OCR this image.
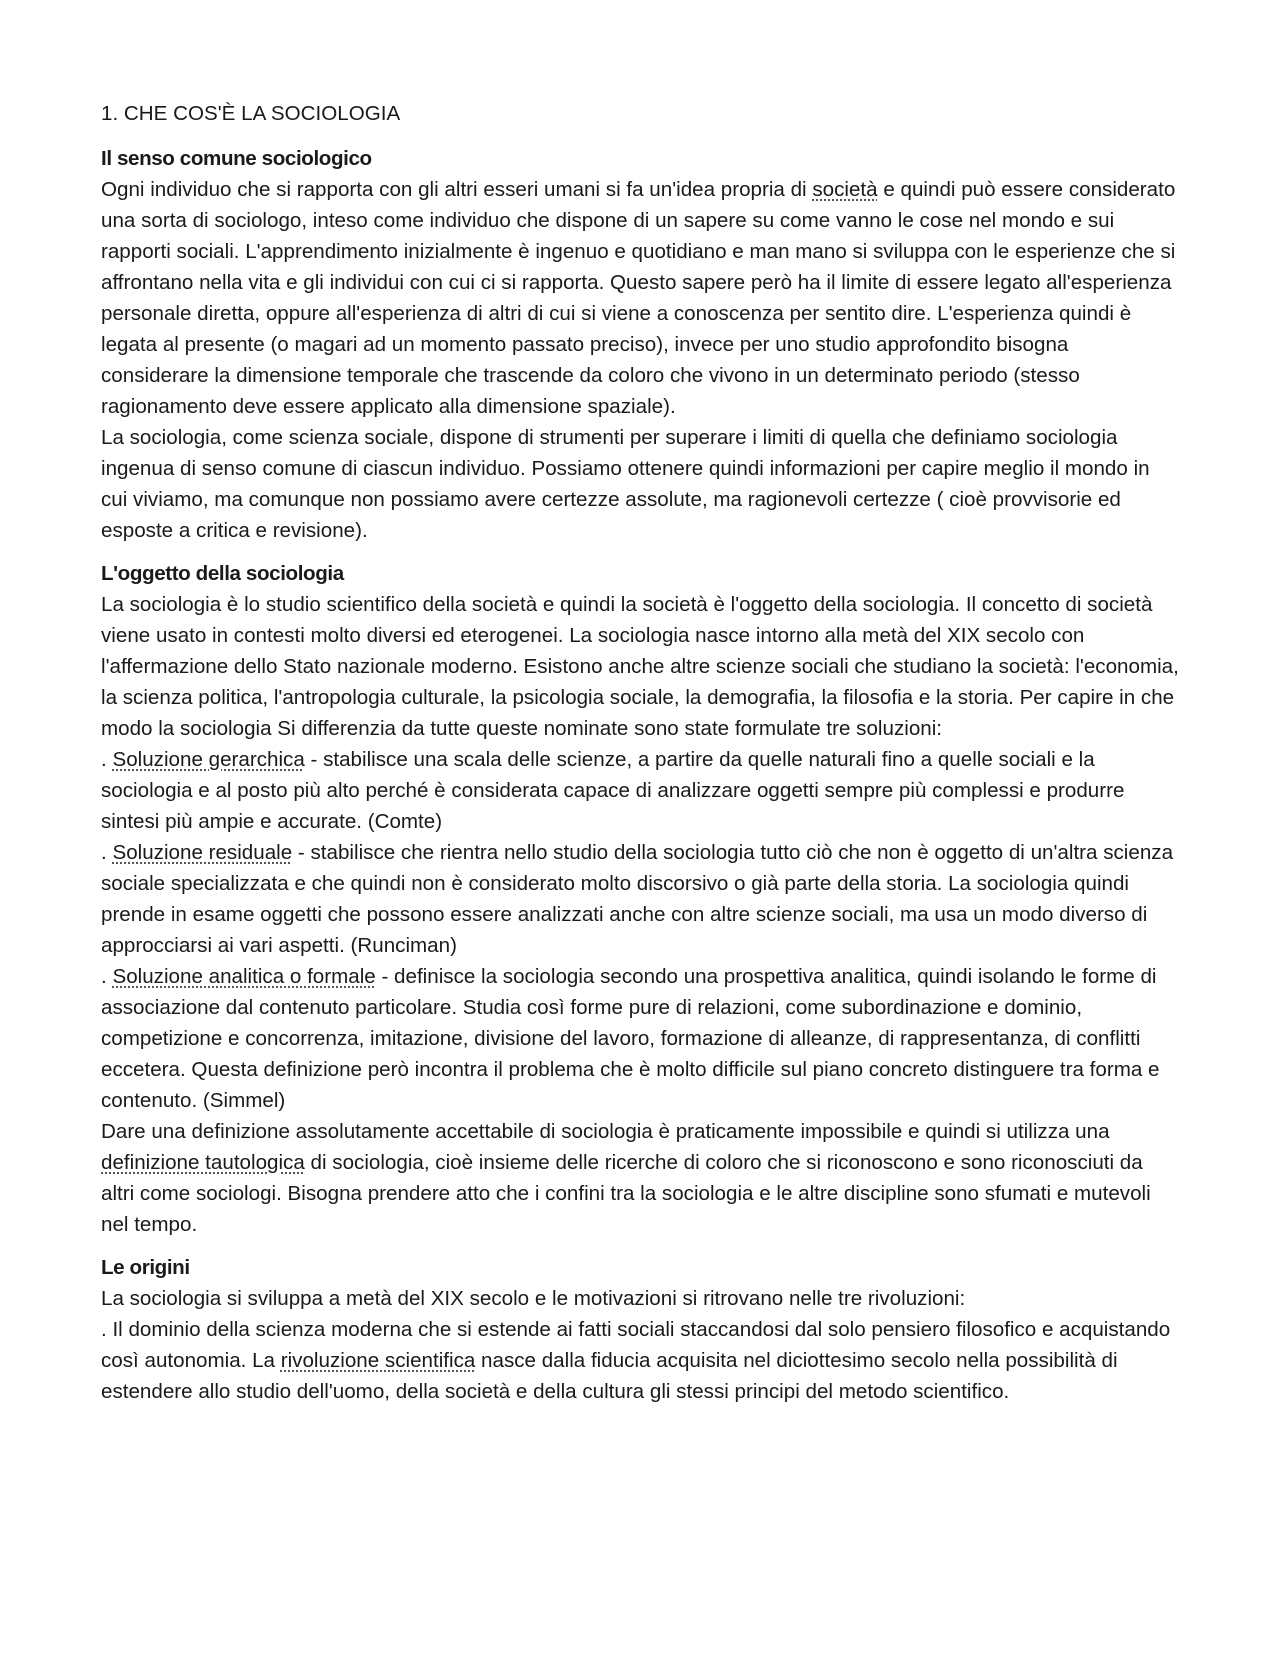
1. CHE COS'È LA SOCIOLOGIA
Il senso comune sociologico

Ogni individuo che si rapporta con gli altri esseri umani si fa un'idea propria di società e quindi può essere considerato una sorta di sociologo, inteso come individuo che dispone di un sapere su come vanno le cose nel mondo e sui rapporti sociali. L'apprendimento inizialmente è ingenuo e quotidiano e man mano si sviluppa con le esperienze che si affrontano nella vita e gli individui con cui ci si rapporta. Questo sapere però ha il limite di essere legato all'esperienza personale diretta, oppure all'esperienza di altri di cui si viene a conoscenza per sentito dire. L'esperienza quindi è legata al presente (o magari ad un momento passato preciso), invece per uno studio approfondito bisogna considerare la dimensione temporale che trascende da coloro che vivono in un determinato periodo (stesso ragionamento deve essere applicato alla dimensione spaziale).

La sociologia, come scienza sociale, dispone di strumenti per superare i limiti di quella che definiamo sociologia ingenua di senso comune di ciascun individuo. Possiamo ottenere quindi informazioni per capire meglio il mondo in cui viviamo, ma comunque non possiamo avere certezze assolute, ma ragionevoli certezze ( cioè provvisorie ed esposte a critica e revisione).

L'oggetto della sociologia

La sociologia è lo studio scientifico della società e quindi la società è l'oggetto della sociologia. Il concetto di società viene usato in contesti molto diversi ed eterogenei. La sociologia nasce intorno alla metà del XIX secolo con l'affermazione dello Stato nazionale moderno. Esistono anche altre scienze sociali che studiano la società: l'economia, la scienza politica, l'antropologia culturale, la psicologia sociale, la demografia, la filosofia e la storia. Per capire in che modo la sociologia Si differenzia da tutte queste nominate sono state formulate tre soluzioni:

. Soluzione gerarchica - stabilisce una scala delle scienze, a partire da quelle naturali fino a quelle sociali e la sociologia e al posto più alto perché è considerata capace di analizzare oggetti sempre più complessi e produrre sintesi più ampie e accurate. (Comte)

. Soluzione residuale - stabilisce che rientra nello studio della sociologia tutto ciò che non è oggetto di un'altra scienza sociale specializzata e che quindi non è considerato molto discorsivo o già parte della storia. La sociologia quindi prende in esame oggetti che possono essere analizzati anche con altre scienze sociali, ma usa un modo diverso di approcciarsi ai vari aspetti. (Runciman)

. Soluzione analitica o formale - definisce la sociologia secondo una prospettiva analitica, quindi isolando le forme di associazione dal contenuto particolare. Studia così forme pure di relazioni, come subordinazione e dominio, competizione e concorrenza, imitazione, divisione del lavoro, formazione di alleanze, di rappresentanza, di conflitti eccetera. Questa definizione però incontra il problema che è molto difficile sul piano concreto distinguere tra forma e contenuto. (Simmel)

Dare una definizione assolutamente accettabile di sociologia è praticamente impossibile e quindi si utilizza una definizione tautologica di sociologia, cioè insieme delle ricerche di coloro che si riconoscono e sono riconosciuti da altri come sociologi. Bisogna prendere atto che i confini tra la sociologia e le altre discipline sono sfumati e mutevoli nel tempo.

Le origini

La sociologia si sviluppa a metà del XIX secolo e le motivazioni si ritrovano nelle tre rivoluzioni:

. Il dominio della scienza moderna che si estende ai fatti sociali staccandosi dal solo pensiero filosofico e acquistando così autonomia. La rivoluzione scientifica nasce dalla fiducia acquisita nel diciottesimo secolo nella possibilità di estendere allo studio dell'uomo, della società e della cultura gli stessi principi del metodo scientifico.
